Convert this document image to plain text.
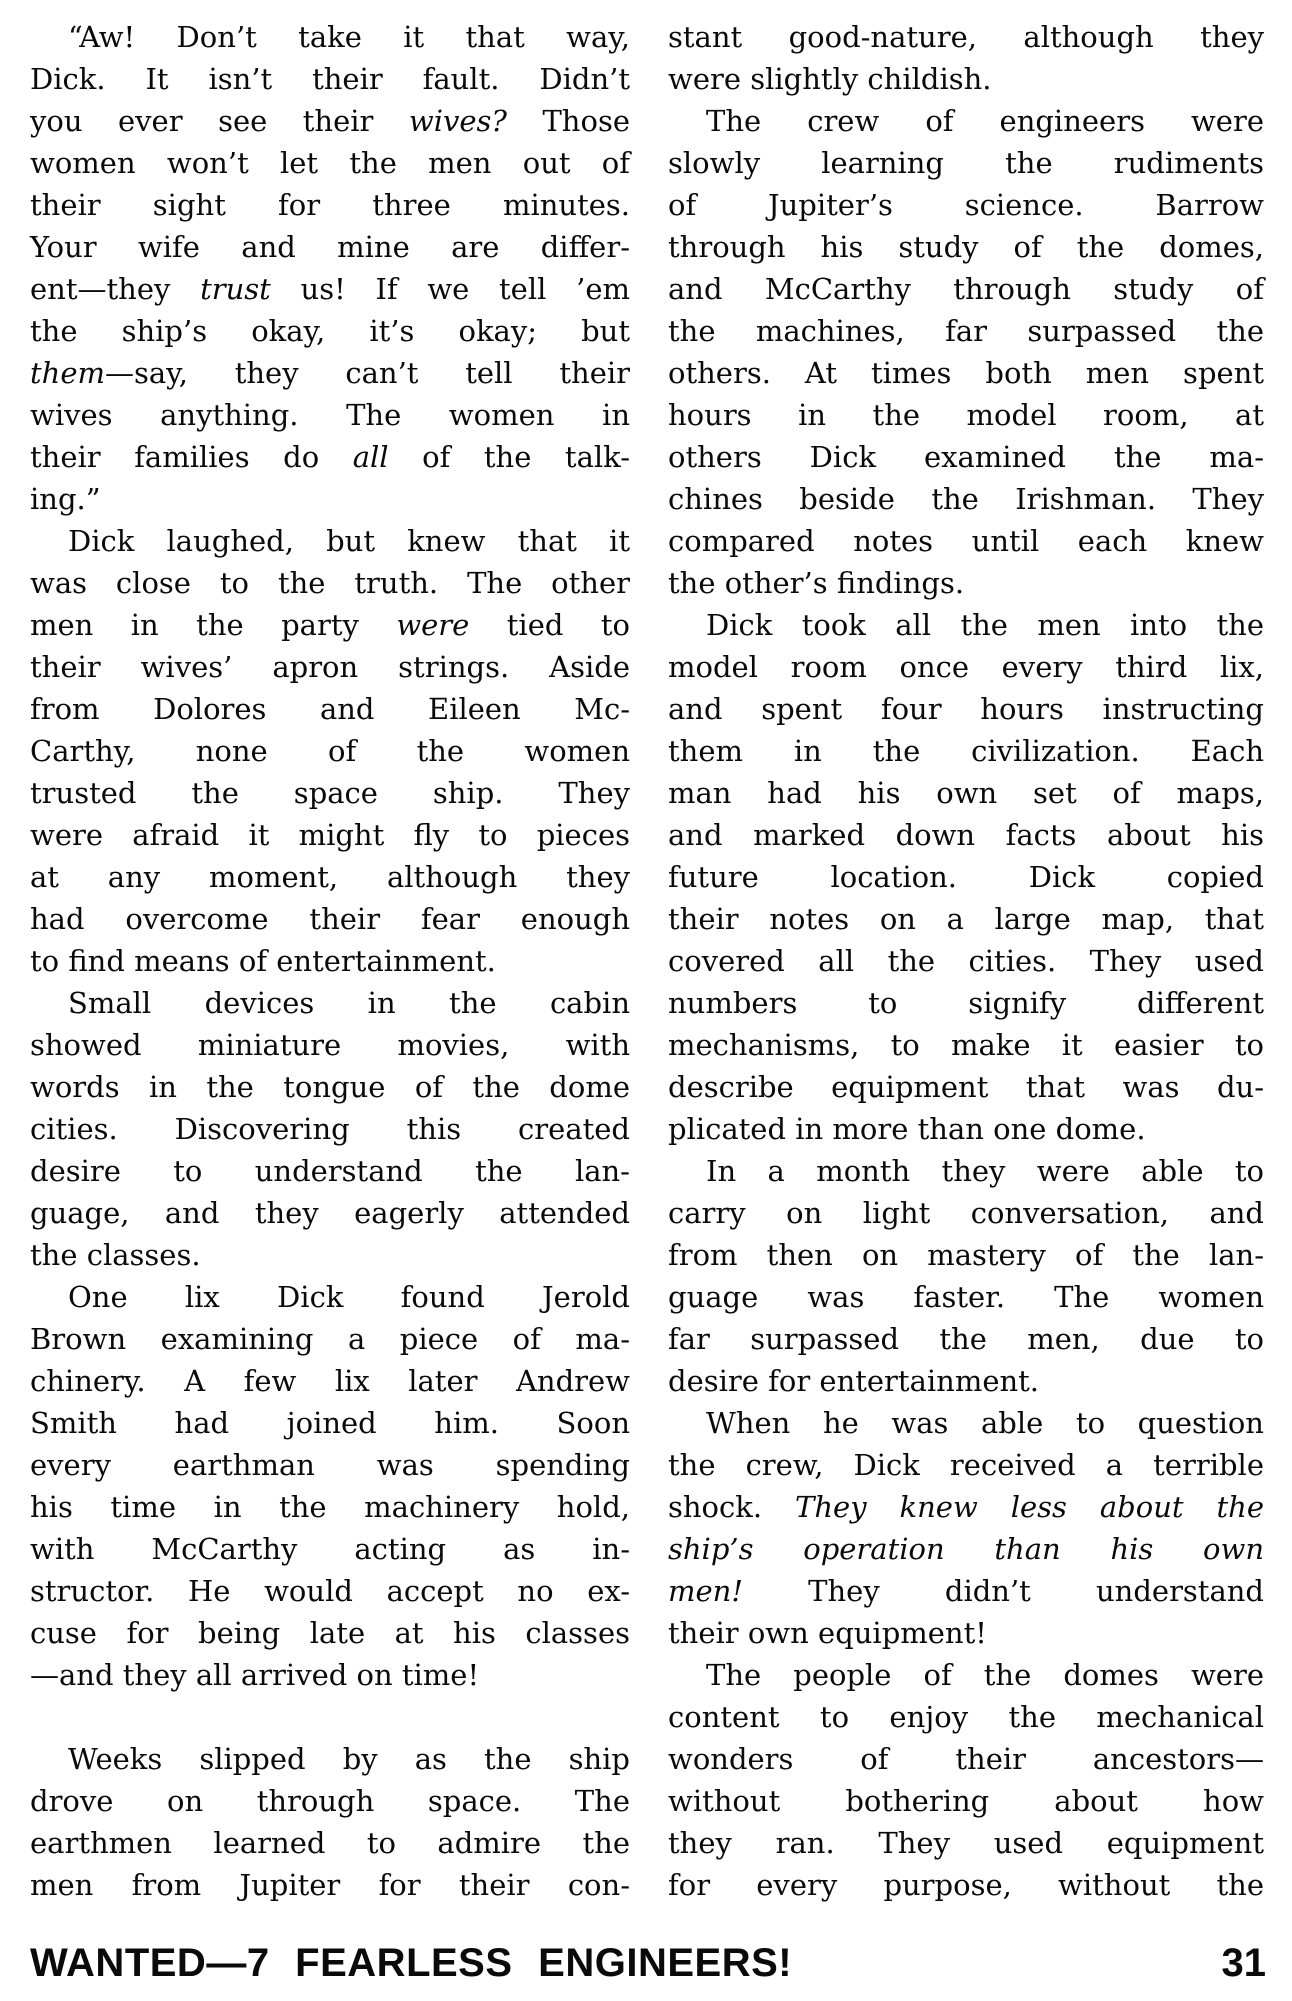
“Aw! Don’t take it that way,
Dick. It isn’t their fault. Didn’t
you ever see their wives? Those
women won’t let the men out of
their sight for three minutes.
Your wife and mine are differ-
ent—they trust us! If we tell ’em
the ship’s okay, it’s okay; but
them—say, they can’t tell their
wives anything. The women in
their families do all of the talk-
ing.”
Dick laughed, but knew that it
was close to the truth. The other
men in the party were tied to
their wives’ apron strings. Aside
from Dolores and Eileen Mc-
Carthy, none of the women
trusted the space ship. They
were afraid it might fly to pieces
at any moment, although they
had overcome their fear enough
to find means of entertainment.
Small devices in the cabin
showed miniature movies, with
words in the tongue of the dome
cities. Discovering this created
desire to understand the lan-
guage, and they eagerly attended
the classes.
One lix Dick found Jerold
Brown examining a piece of ma-
chinery. A few lix later Andrew
Smith had joined him. Soon
every earthman was spending
his time in the machinery hold,
with McCarthy acting as in-
structor. He would accept no ex-
cuse for being late at his classes
—and they all arrived on time!
Weeks slipped by as the ship
drove on through space. The
earthmen learned to admire the
men from Jupiter for their con-
stant good-nature, although they
were slightly childish.
The crew of engineers were
slowly learning the rudiments
of Jupiter’s science. Barrow
through his study of the domes,
and McCarthy through study of
the machines, far surpassed the
others. At times both men spent
hours in the model room, at
others Dick examined the ma-
chines beside the Irishman. They
compared notes until each knew
the other’s findings.
Dick took all the men into the
model room once every third lix,
and spent four hours instructing
them in the civilization. Each
man had his own set of maps,
and marked down facts about his
future location. Dick copied
their notes on a large map, that
covered all the cities. They used
numbers to signify different
mechanisms, to make it easier to
describe equipment that was du-
plicated in more than one dome.
In a month they were able to
carry on light conversation, and
from then on mastery of the lan-
guage was faster. The women
far surpassed the men, due to
desire for entertainment.
When he was able to question
the crew, Dick received a terrible
shock. They knew less about the
ship’s operation than his own
men! They didn’t understand
their own equipment!
The people of the domes were
content to enjoy the mechanical
wonders of their ancestors—
without bothering about how
they ran. They used equipment
for every purpose, without the
WANTED—7 FEARLESS ENGINEERS!	31
